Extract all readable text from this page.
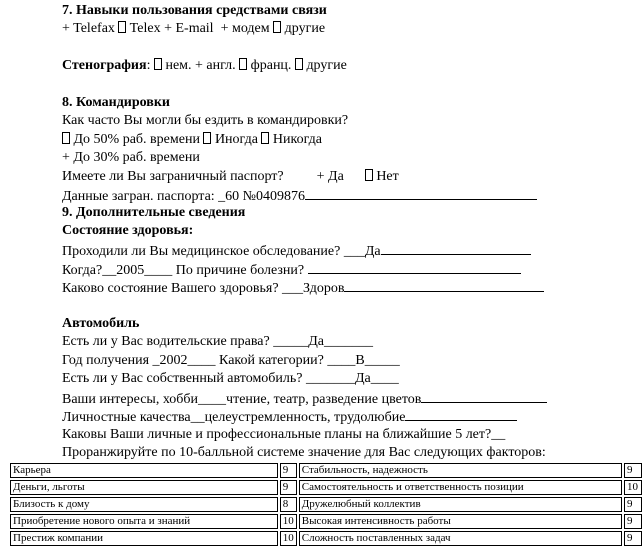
7. Навыки пользования средствами связи
+ Telefax Telex + E-mail + модем другие
Стенография: нем. + англ. франц. другие
8. Командировки
Как часто Вы могли бы ездить в командировки?
До 50% раб. времени Иногда Никогда
+ До 30% раб. времени
Имеете ли Вы заграничный паспорт? + Да Нет
Данные загран. паспорта: _60 №0409876
9. Дополнительные сведения
Состояние здоровья:
Проходили ли Вы медицинское обследование? ___Да
Когда?__2005____ По причине болезни?
Каково состояние Вашего здоровья? ___Здоров
Автомобиль
Есть ли у Вас водительские права? _____Да_______
Год получения _2002____ Какой категории? ____В_____
Есть ли у Вас собственный автомобиль? _______Да____
Ваши интересы, хобби____чтение, театр, разведение цветов
Личностные качества__целеустремленность, трудолюбие
Каковы Ваши личные и профессиональные планы на ближайшие 5 лет?__
Проранжируйте по 10-балльной системе значение для Вас следующих факторов:
Карьера	9	Стабильность, надежность	9
Деньги, льготы	9	Самостоятельность и ответственность позиции	10
Близость к дому	8	Дружелюбный коллектив	9
Приобретение нового опыта и знаний	10	Высокая интенсивность работы	9
Престиж компании	10	Сложность поставленных задач	9
